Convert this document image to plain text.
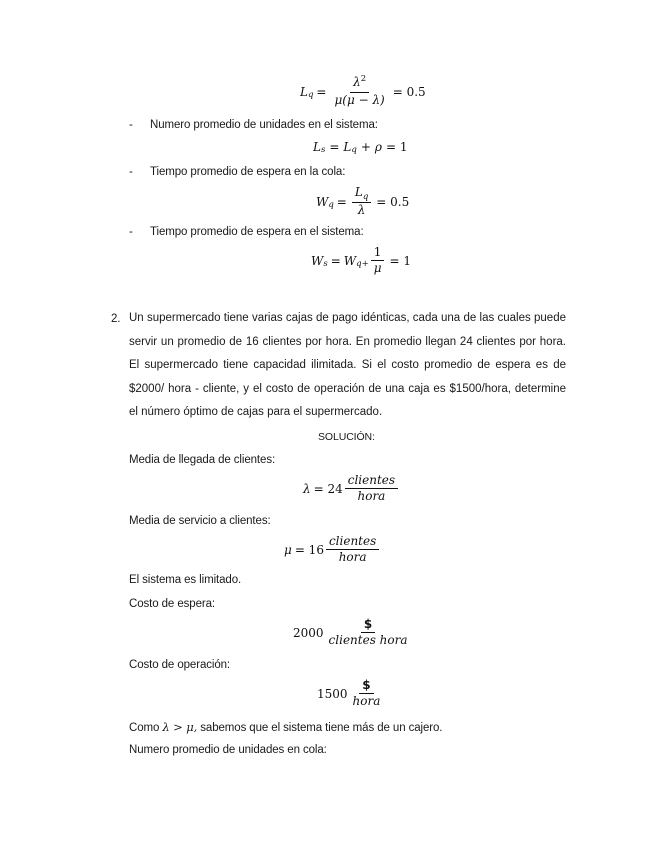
L $q = \frac{\lambda^2}{\mu(\mu - \lambda)} = 0.5$
- Numero promedio de unidades en el sistema:
L s = L q + ρ = 1
- Tiempo promedio de espera en la cola:
W $q = \frac{L_q}{\lambda} = 0.5$
- Tiempo promedio de espera en el sistema:
W s = W $q+ \frac{1}{\mu} = 1$
2. Un supermercado tiene varias cajas de pago idénticas, cada una de las cuales puede
servir un promedio de 16 clientes por hora. En promedio llegan 24 clientes por hora.
El supermercado tiene capacidad ilimitada. Si el costo promedio de espera es de
$2000/ hora - cliente, y el costo de operación de una caja es $1500/hora, determine
el número óptimo de cajas para el supermercado.
SOLUCIÓN:
Media de llegada de clientes:
$\lambda = 24 \frac{\text{clientes}}{\text{hora}}$
Media de servicio a clientes:
$\mu = 16 \frac{\text{clientes}}{\text{hora}}$
El sistema es limitado.
Costo de espera:
$2000 \frac{\$}{\text{clientes hora}}$
Costo de operación:
$1500 \frac{\$}{\text{hora}}$
Como λ > μ, sabemos que el sistema tiene más de un cajero.
Numero promedio de unidades en cola:
